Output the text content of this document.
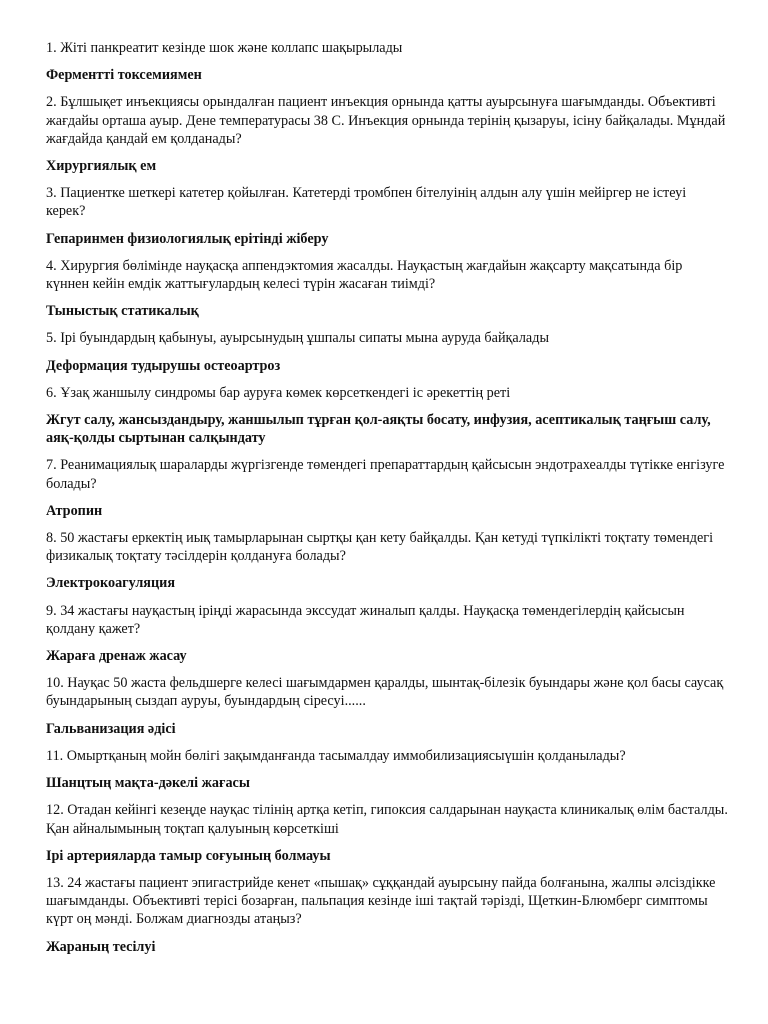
1. Жіті панкреатит кезінде шок және коллапс шақырылады

Ферментті токсемиямен

2. Бұлшықет инъекциясы орындалған пациент инъекция орнында қатты ауырсынуға шағымданды. Объективті жағдайы орташа ауыр. Дене температурасы 38 С. Инъекция орнында терінің қызаруы, ісіну байқалады. Мұндай жағдайда қандай ем қолданады?

Хирургиялық ем

3. Пациентке шеткері катетер қойылған. Катетерді тромбпен бітелуінің алдын алу үшін мейіргер не істеуі керек?

Гепаринмен физиологиялық ерітінді жіберу

4. Хирургия бөлімінде науқасқа аппендэктомия жасалды. Науқастың жағдайын жақсарту мақсатында бір күннен кейін емдік жаттығулардың келесі түрін жасаған тиімді?

Тыныстық статикалық

5. Ірі буындардың қабынуы, ауырсынудың ұшпалы сипаты мына ауруда байқалады

Деформация тудырушы остеоартроз

6. Ұзақ жаншылу синдромы бар ауруға көмек көрсеткендегі іс әрекеттің реті

Жгут салу, жансыздандыру, жаншылып тұрған қол-аяқты босату, инфузия, асептикалық таңғыш салу, аяқ-қолды сыртынан салқындату

7. Реанимациялық шараларды жүргізгенде төмендегі препараттардың қайсысын эндотрахеалды түтікке енгізуге болады?

Атропин

8. 50 жастағы еркектің иық тамырларынан сыртқы қан кету байқалды. Қан кетуді түпкілікті тоқтату төмендегі физикалық тоқтату тәсілдерін қолдануға болады?

Электрокоагуляция

9. 34 жастағы науқастың іріңді жарасында экссудат жиналып қалды. Науқасқа төмендегілердің қайсысын қолдану қажет?

Жараға дренаж жасау

10. Науқас 50 жаста фельдшерге келесі шағымдармен қаралды, шынтақ-білезік буындары және қол басы саусақ буындарының сыздап ауруы, буындардың сіресуі......

Гальванизация әдісі

11. Омыртқаның мойн бөлігі зақымданғанда тасымалдау иммобилизациясыүшін қолданылады?

Шанцтың мақта-дәкелі жағасы

12. Отадан кейінгі кезеңде науқас тілінің артқа кетіп, гипоксия салдарынан науқаста клиникалық өлім басталды. Қан айналымының тоқтап қалуының көрсеткіші

Ірі артерияларда тамыр соғуының болмауы

13. 24 жастағы пациент эпигастрийде кенет «пышақ» сұққандай ауырсыну пайда болғанына, жалпы әлсіздікке шағымданды. Объективті терісі бозарған, пальпация кезінде іші тақтай тәрізді, Щеткин-Блюмберг симптомы күрт оң мәнді. Болжам диагнозды атаңыз?

Жараның тесілуі
